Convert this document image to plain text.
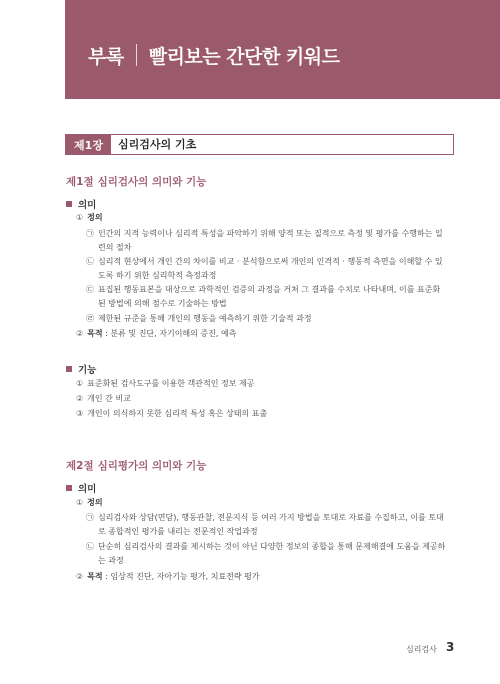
부록 빨리보는 간단한 키워드
제1장	심리검사의 기초
제1절 심리검사의 의미와 기능
의미
① 정의
㉠ 인간의 지적 능력이나 심리적 특성을 파악하기 위해 양적 또는 질적으로 측정 및 평가를 수행하는 일
련의 절차
㉡ 심리적 현상에서 개인 간의 차이를 비교 · 분석함으로써 개인의 인격적 · 행동적 측면을 이해할 수 있
도록 하기 위한 심리학적 측정과정
㉢ 표집된 행동표본을 대상으로 과학적인 검증의 과정을 거쳐 그 결과를 수치로 나타내며, 이를 표준화
된 방법에 의해 점수로 기술하는 방법
㉣ 제한된 규준을 통해 개인의 행동을 예측하기 위한 기술적 과정
② 목적 : 분류 및 진단, 자기이해의 증진, 예측
기능
① 표준화된 검사도구를 이용한 객관적인 정보 제공
② 개인 간 비교
③ 개인이 의식하지 못한 심리적 특성 혹은 상태의 표출
제2절 심리평가의 의미와 기능
의미
① 정의
㉠ 심리검사와 상담(면담), 행동관찰, 전문지식 등 여러 가지 방법을 토대로 자료를 수집하고, 이를 토대
로 종합적인 평가를 내리는 전문적인 작업과정
㉡ 단순히 심리검사의 결과를 제시하는 것이 아닌 다양한 정보의 종합을 통해 문제해결에 도움을 제공하
는 과정
② 목적 : 임상적 진단, 자아기능 평가, 치료전략 평가
심리검사 3
